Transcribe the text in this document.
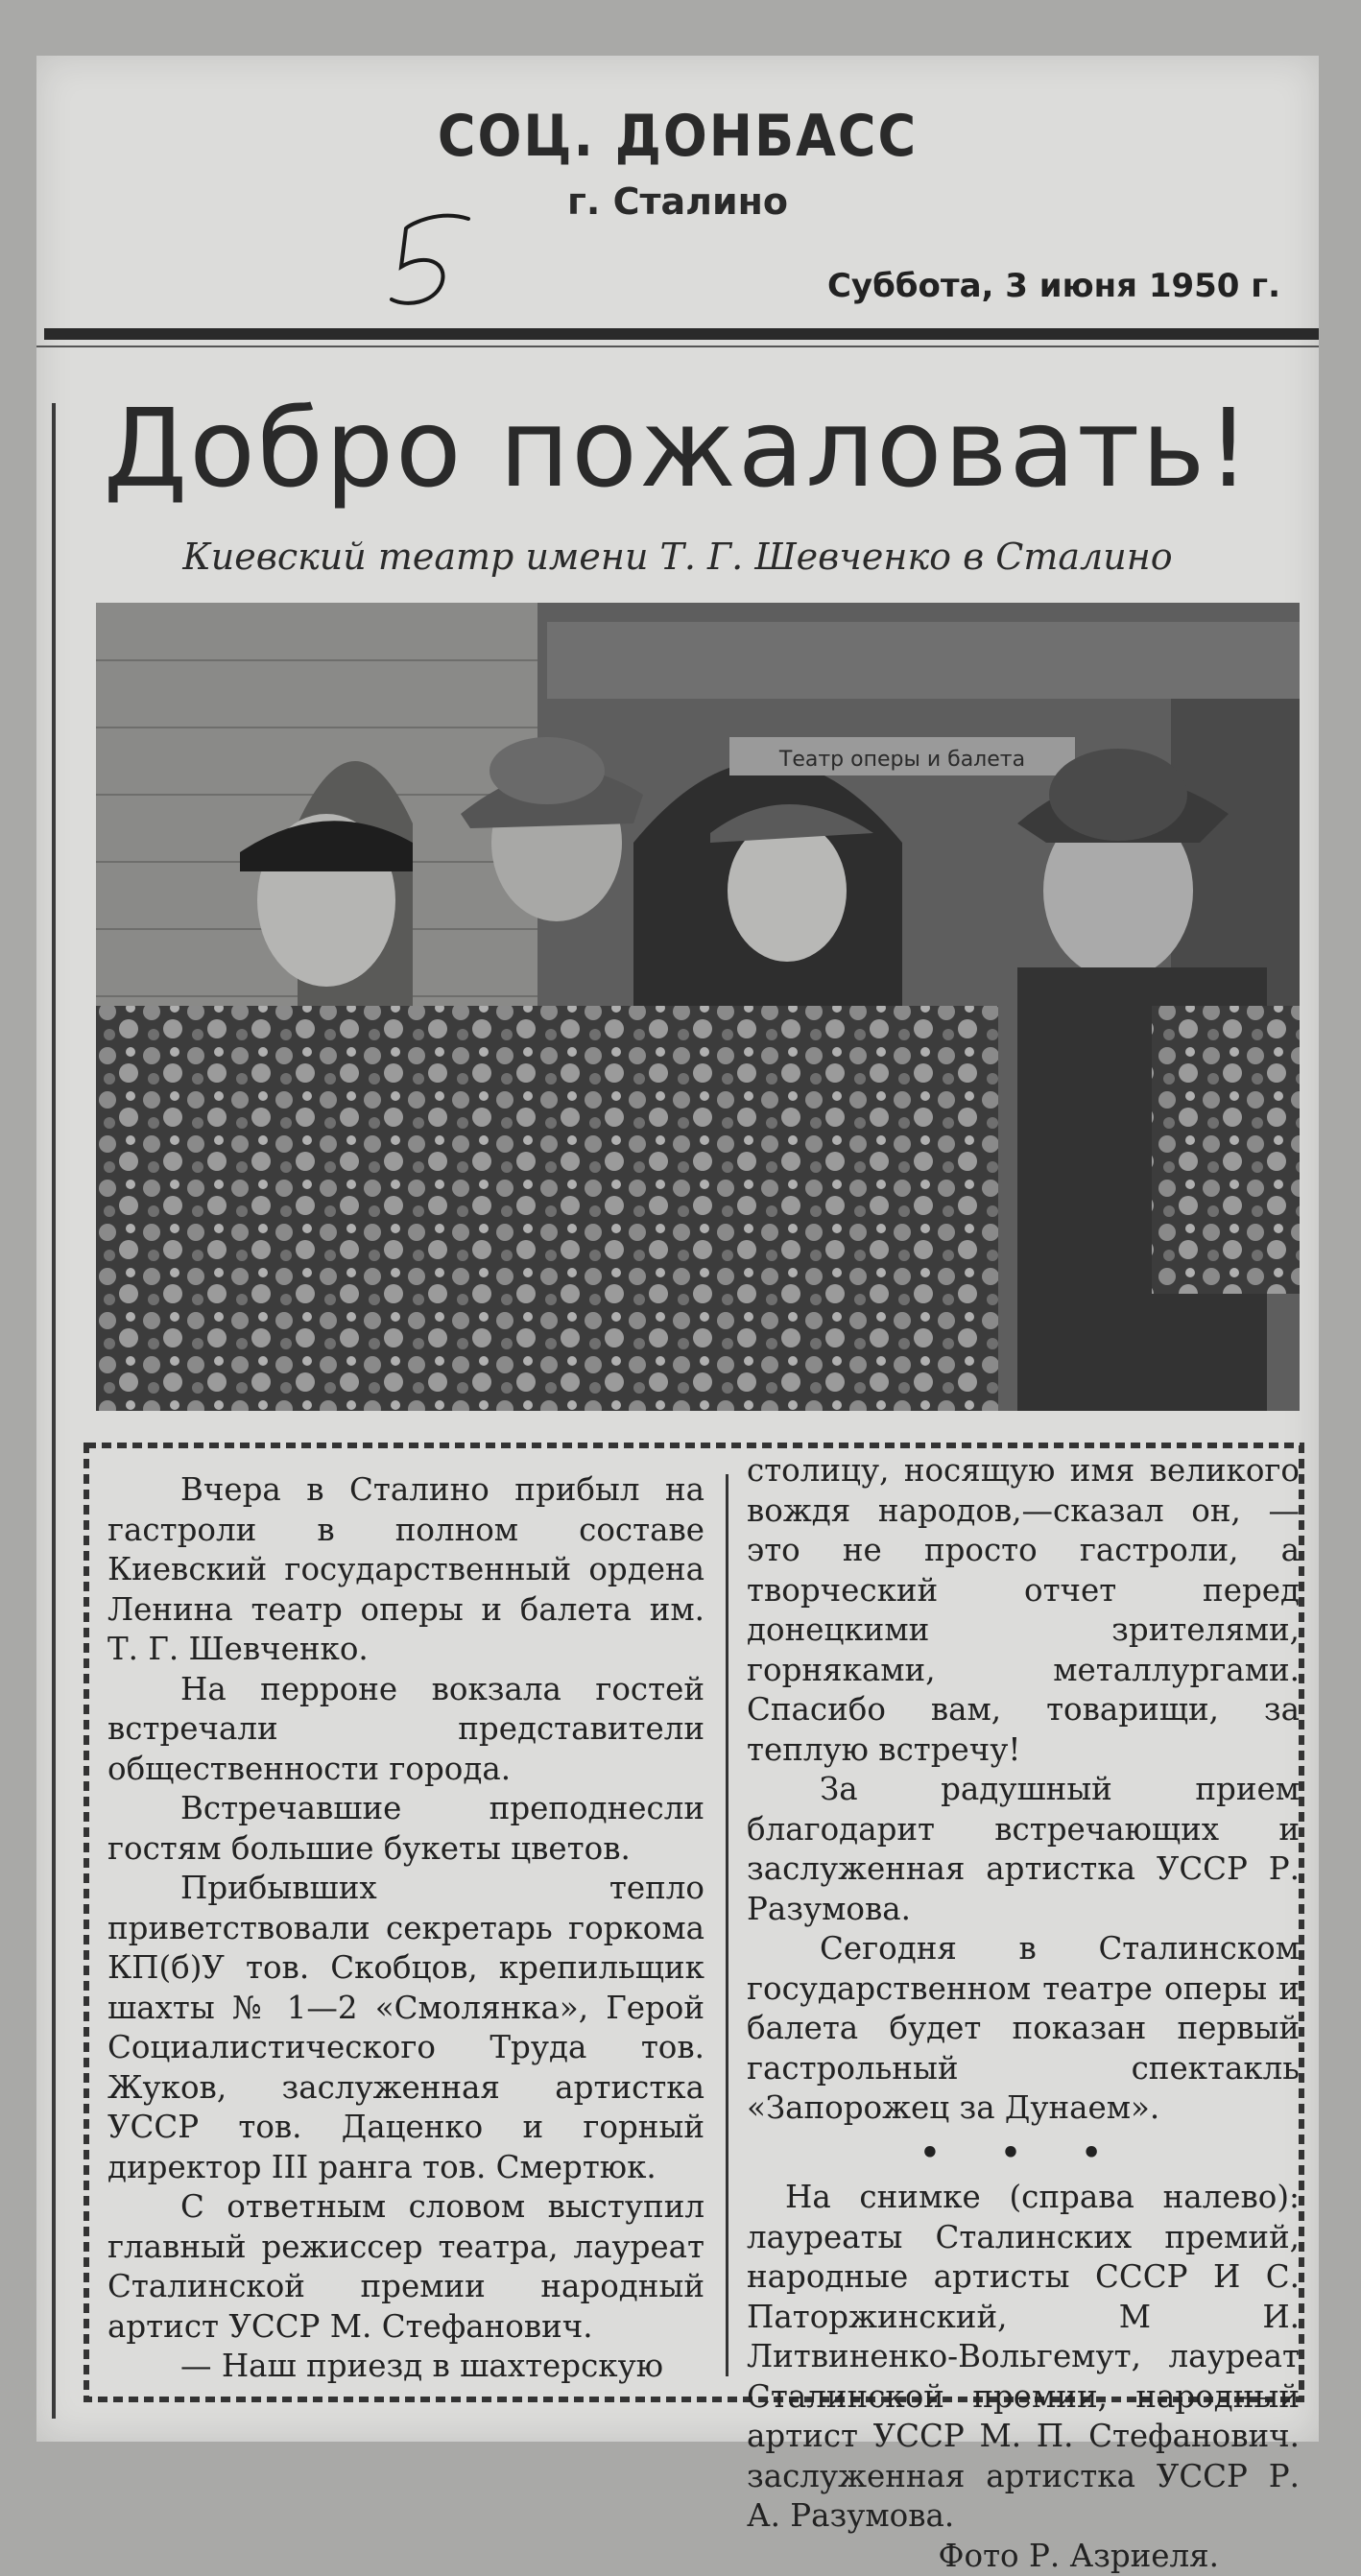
СОЦ. ДОНБАСС
г. Сталино
Суббота, 3 июня 1950 г.
Добро пожаловать!
Киевский театр имени Т. Г. Шевченко в Сталино
Театр оперы и балета

Вчера в Сталино прибыл на гастроли в полном составе Киевский государственный ордена Ленина театр оперы и балета им. Т. Г. Шевченко.

На перроне вокзала гостей встречали представители общественности города.

Встречавшие преподнесли гостям большие букеты цветов.

Прибывших тепло приветствовали секретарь горкома КП(б)У тов. Скобцов, крепильщик шахты № 1—2 «Смолянка», Герой Социалистического Труда тов. Жуков, заслуженная артистка УССР тов. Даценко и горный директор III ранга тов. Смертюк.

С ответным словом выступил главный режиссер театра, лауреат Сталинской премии народный артист УССР М. Стефанович.

— Наш приезд в шахтерскую

столицу, носящую имя великого вождя народов,—сказал он, —это не просто гастроли, а творческий отчет перед донецкими зрителями, горняками, металлургами. Спасибо вам, товарищи, за теплую встречу!

За радушный прием благодарит встречающих и заслуженная артистка УССР Р. Разумова.

Сегодня в Сталинском государственном театре оперы и балета будет показан первый гастрольный спектакль «Запорожец за Дунаем».

• • •

На снимке (справа налево): лауреаты Сталинских премий, народные артисты СССР И С. Паторжинский, М И. Литвиненко-Вольгемут, лауреат Сталинской премии, народный артист УССР М. П. Стефанович. заслуженная артистка УССР Р. А. Разумова.

Фото Р. Азриеля.
